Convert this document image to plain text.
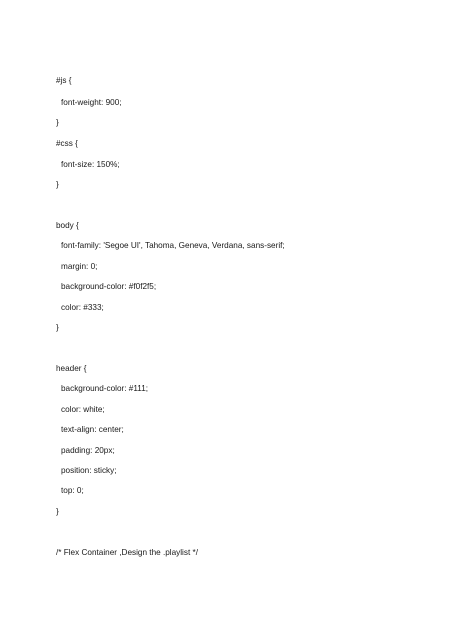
#js {
font-weight: 900;
}
#css {
font-size: 150%;
}
body {
font-family: 'Segoe UI', Tahoma, Geneva, Verdana, sans-serif;
margin: 0;
background-color: #f0f2f5;
color: #333;
}
header {
background-color: #111;
color: white;
text-align: center;
padding: 20px;
position: sticky;
top: 0;
}
/* Flex Container ,Design the .playlist */
